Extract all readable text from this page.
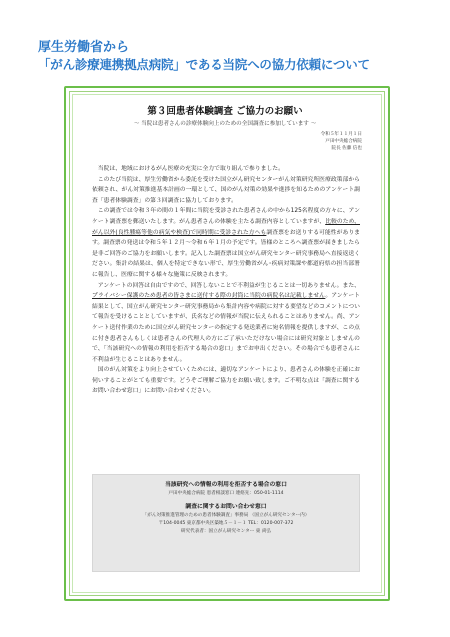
厚生労働省から
「がん診療連携拠点病院」である当院への協力依頼について
第３回患者体験調査 ご協力のお願い
～ 当院は患者さんの診療体験向上のための全国調査に参加しています ～
令和５年１１月１日
戸田中央総合病院
院長 佐藤 信也

当院は、地域におけるがん医療の充実に全力で取り組んで参りました。

このたび当院は、厚生労働省から委託を受けた国立がん研究センターがん対策研究所医療政策部から依頼され、がん対策推進基本計画の一環として、国のがん対策の効果や進捗を知るためのアンケート調査「患者体験調査」の第３回調査に協力しております。

この調査では令和３年の間の１年間に当院を受診された患者さんの中から125名程度の方々に、アンケート調査票を郵送いたします。がん患者さんの体験を主たる調査内容としていますが、比較のため、がん以外(良性腫瘍等他の病気や検査)で同時期に受診された方へも調査票をお送りする可能性があります。調査票の発送は令和５年１２月～令和６年１月の予定です。皆様のところへ調査票が届きましたら是非ご回答のご協力をお願いします。記入した調査票は国立がん研究センター研究事務局へ直接返送ください。集計の結果は、個人を特定できない形で、厚生労働省がん･疾病対策課や都道府県の担当部署に報告し、医療に関する様々な施策に反映されます。

アンケートの回答は自由ですので、回答しないことで不利益が生じることは一切ありません。また、プライバシー保護のため患者の皆さまに送付する際の封筒に当院の病院名は記載しません。アンケート結果として、国立がん研究センター研究事務局から集計内容や病院に対する要望などのコメントについて報告を受けることとしていますが、氏名などの情報が当院に伝えられることはありません。尚、アンケート送付作業のために国立がん研究センターの指定する発送業者に宛名情報を提供しますが、この点に付き患者さんもしくは患者さんの代理人の方にご了承いただけない場合には研究対象としませんので、「当該研究への情報の利用を拒否する場合の窓口」までお申出ください。その場合でも患者さんに不利益が生じることはありません。

国のがん対策をより向上させていくためには、適切なアンケートにより、患者さんの体験を正確にお伺いすることがとても重要です。どうぞご理解ご協力をお願い致します。ご不明な点は「調査に関するお問い合わせ窓口」にお問い合わせください。

当該研究への情報の利用を拒否する場合の窓口
戸田中央総合病院 患者相談窓口 連絡先：050-01-1114
調査に関するお問い合わせ窓口
「がん対策推進管理のための患者体験調査」事務局 （国立がん研究センター内）
〒104-0045 東京都中央区築地５－１－１ TEL：0120-007-372
研究代表者：国立がん研究センター 東 尚弘
